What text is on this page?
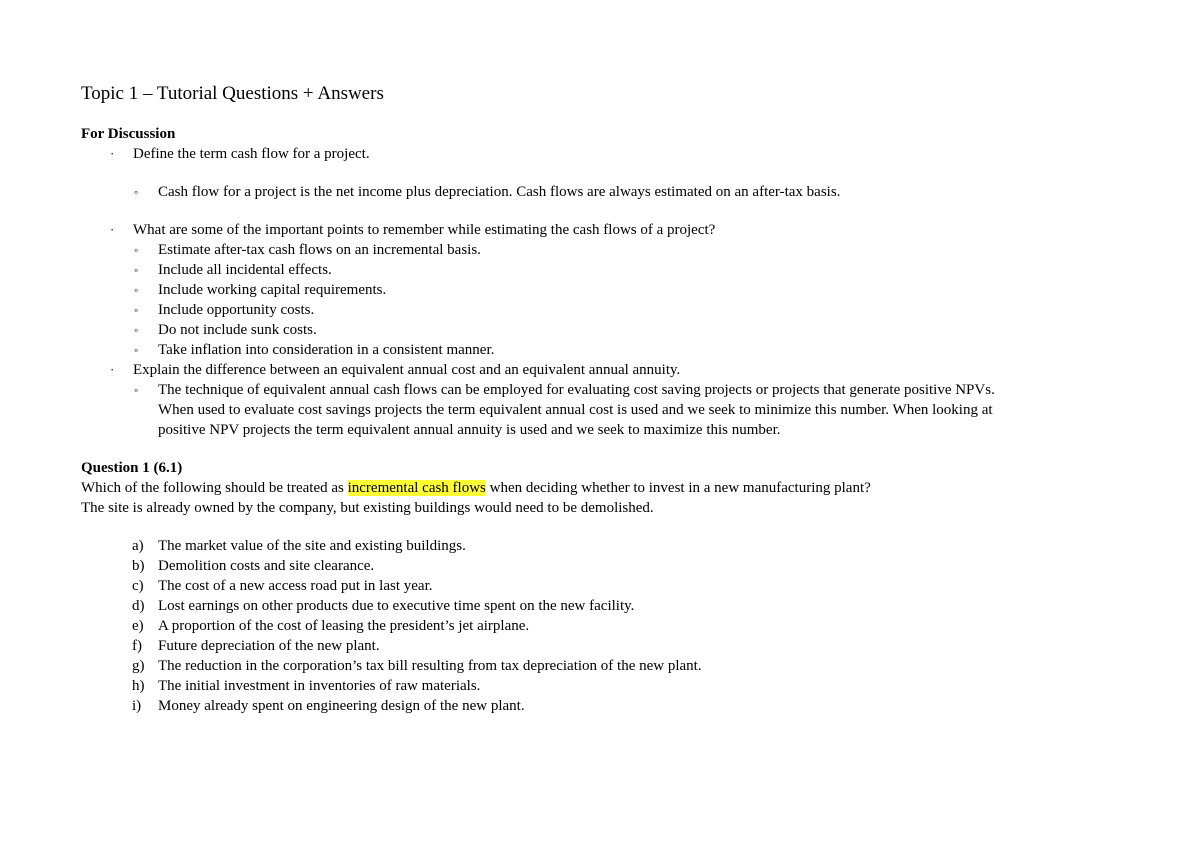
Topic 1 – Tutorial Questions + Answers
For Discussion
· Define the term cash flow for a project.
◦ Cash flow for a project is the net income plus depreciation. Cash flows are always estimated on an after-tax basis.
· What are some of the important points to remember while estimating the cash flows of a project?
◦ Estimate after-tax cash flows on an incremental basis.
◦ Include all incidental effects.
◦ Include working capital requirements.
◦ Include opportunity costs.
◦ Do not include sunk costs.
◦ Take inflation into consideration in a consistent manner.
· Explain the difference between an equivalent annual cost and an equivalent annual annuity.
◦ The technique of equivalent annual cash flows can be employed for evaluating cost saving projects or projects that generate positive NPVs.
When used to evaluate cost savings projects the term equivalent annual cost is used and we seek to minimize this number. When looking at
positive NPV projects the term equivalent annual annuity is used and we seek to maximize this number.
Question 1 (6.1)
Which of the following should be treated as incremental cash flows when deciding whether to invest in a new manufacturing plant?
The site is already owned by the company, but existing buildings would need to be demolished.
a) The market value of the site and existing buildings.
b) Demolition costs and site clearance.
c) The cost of a new access road put in last year.
d) Lost earnings on other products due to executive time spent on the new facility.
e) A proportion of the cost of leasing the president’s jet airplane.
f) Future depreciation of the new plant.
g) The reduction in the corporation’s tax bill resulting from tax depreciation of the new plant.
h) The initial investment in inventories of raw materials.
i) Money already spent on engineering design of the new plant.
